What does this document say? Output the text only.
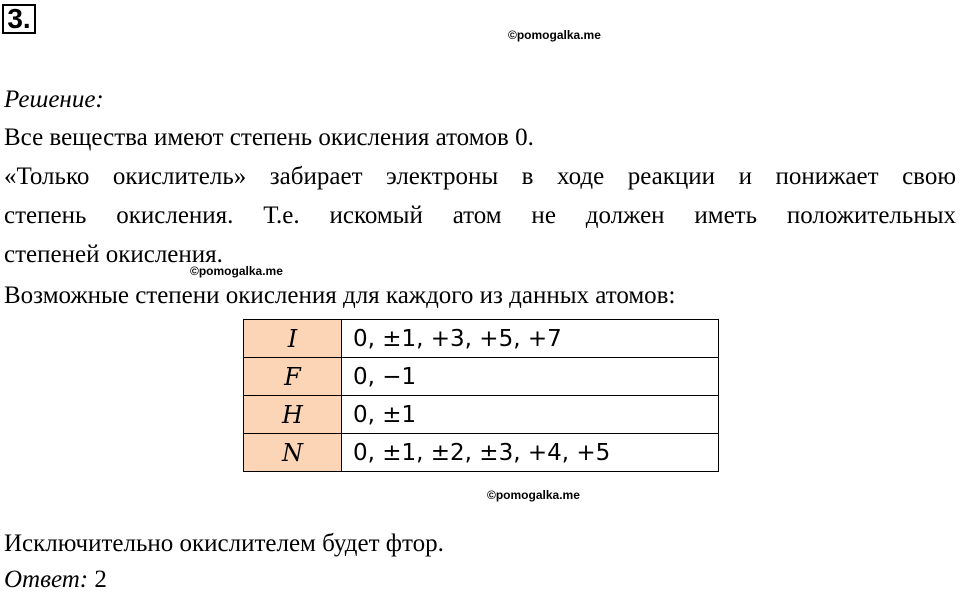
3.
©pomogalka.me
Решение:
Все вещества имеют степень окисления атомов 0.
«Только окислитель» забирает электроны в ходе реакции и понижает свою
степень окисления. Т.е. искомый атом не должен иметь положительных
степеней окисления.
©pomogalka.me
Возможные степени окисления для каждого из данных атомов:
I	0, ±1, +3, +5, +7
F	0, −1
H	0, ±1
N	0, ±1, ±2, ±3, +4, +5
©pomogalka.me
Исключительно окислителем будет фтор.
Ответ: 2
